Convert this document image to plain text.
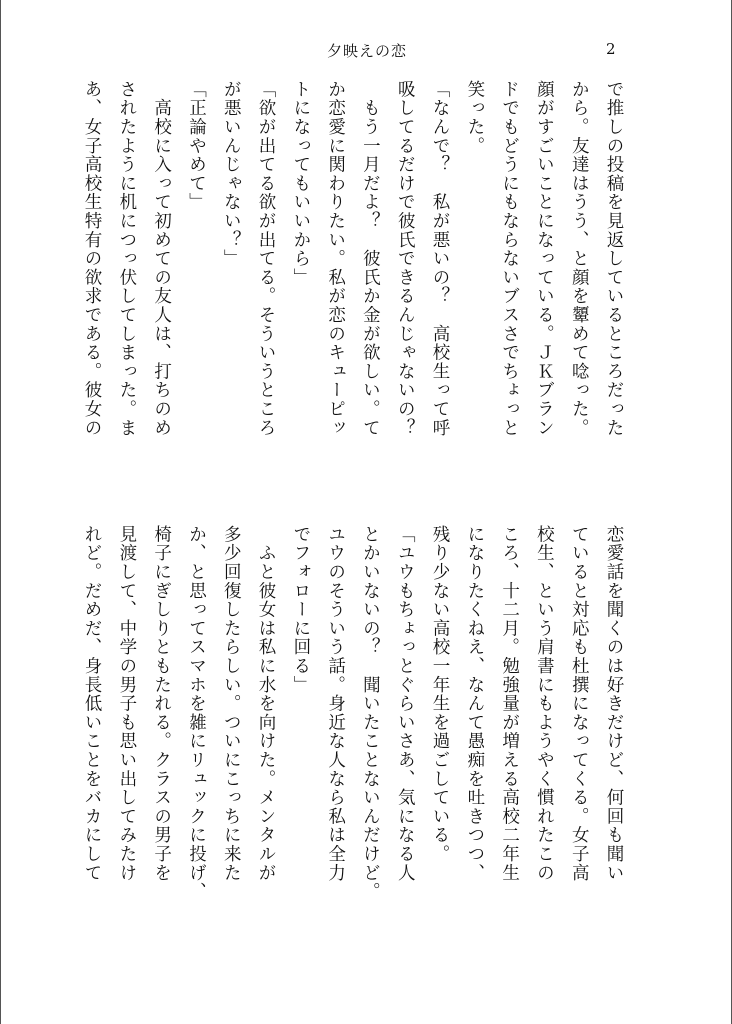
夕映えの恋	2
で推しの投稿を見返しているところだった
から。友達はうう、と顔を顰めて唸った。
顔がすごいことになっている。ＪＫブラン
ドでもどうにもならないブスさでちょっと
笑った。
「なんで？　私が悪いの？　高校生って呼
吸してるだけで彼氏できるんじゃないの？
　もう一月だよ？　彼氏か金が欲しい。て
か恋愛に関わりたい。私が恋のキューピッ
トになってもいいから」
「欲が出てる欲が出てる。そういうところ
が悪いんじゃない？」
「正論やめて」
　高校に入って初めての友人は、打ちのめ
されたように机につっ伏してしまった。ま
あ、女子高校生特有の欲求である。彼女の
恋愛話を聞くのは好きだけど、何回も聞い
ていると対応も杜撰になってくる。女子高
校生、という肩書にもようやく慣れたこの
ころ、十二月。勉強量が増える高校二年生
になりたくねえ、なんて愚痴を吐きつつ、
残り少ない高校一年生を過ごしている。
「ユウもちょっとぐらいさあ、気になる人
とかいないの？　聞いたことないんだけど。
ユウのそういう話。身近な人なら私は全力
でフォローに回る」
　ふと彼女は私に水を向けた。メンタルが
多少回復したらしい。ついにこっちに来た
か、と思ってスマホを雑にリュックに投げ、
椅子にぎしりともたれる。クラスの男子を
見渡して、中学の男子も思い出してみたけ
れど。だめだ、身長低いことをバカにして
